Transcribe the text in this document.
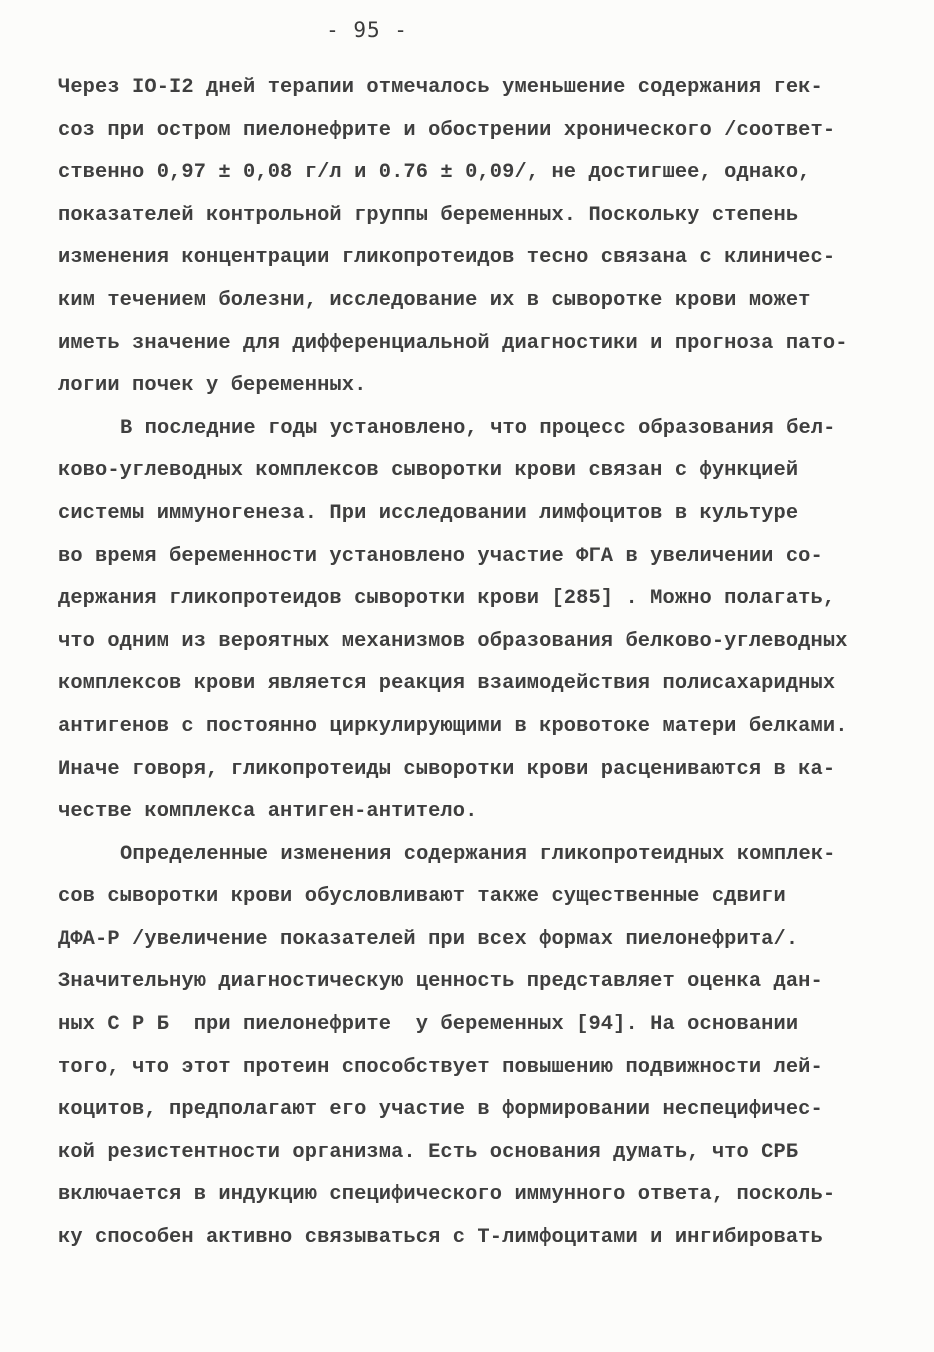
- 95 -
Через IO-I2 дней терапии отмечалось уменьшение содержания гек-
соз при остром пиелонефрите и обострении хронического /соответ-
ственно 0,97 ± 0,08 г/л и 0.76 ± 0,09/, не достигшее, однако,
показателей контрольной группы беременных. Поскольку степень
изменения концентрации гликопротеидов тесно связана с клиничес-
ким течением болезни, исследование их в сыворотке крови может
иметь значение для дифференциальной диагностики и прогноза пато-
логии почек у беременных.
В последние годы установлено, что процесс образования бел-
ково-углеводных комплексов сыворотки крови связан с функцией
системы иммуногенеза. При исследовании лимфоцитов в культуре
во время беременности установлено участие ФГА в увеличении со-
держания гликопротеидов сыворотки крови [285] . Можно полагать,
что одним из вероятных механизмов образования белково-углеводных
комплексов крови является реакция взаимодействия полисахаридных
антигенов с постоянно циркулирующими в кровотоке матери белками.
Иначе говоря, гликопротеиды сыворотки крови расцениваются в ка-
честве комплекса антиген-антитело.
Определенные изменения содержания гликопротеидных комплек-
сов сыворотки крови обусловливают также существенные сдвиги
ДФА-Р /увеличение показателей при всех формах пиелонефрита/.
Значительную диагностическую ценность представляет оценка дан-
ных С Р Б  при пиелонефрите  у беременных [94]. На основании
того, что этот протеин способствует повышению подвижности лей-
коцитов, предполагают его участие в формировании неспецифичес-
кой резистентности организма. Есть основания думать, что СРБ
включается в индукцию специфического иммунного ответа, посколь-
ку способен активно связываться с Т-лимфоцитами и ингибировать
